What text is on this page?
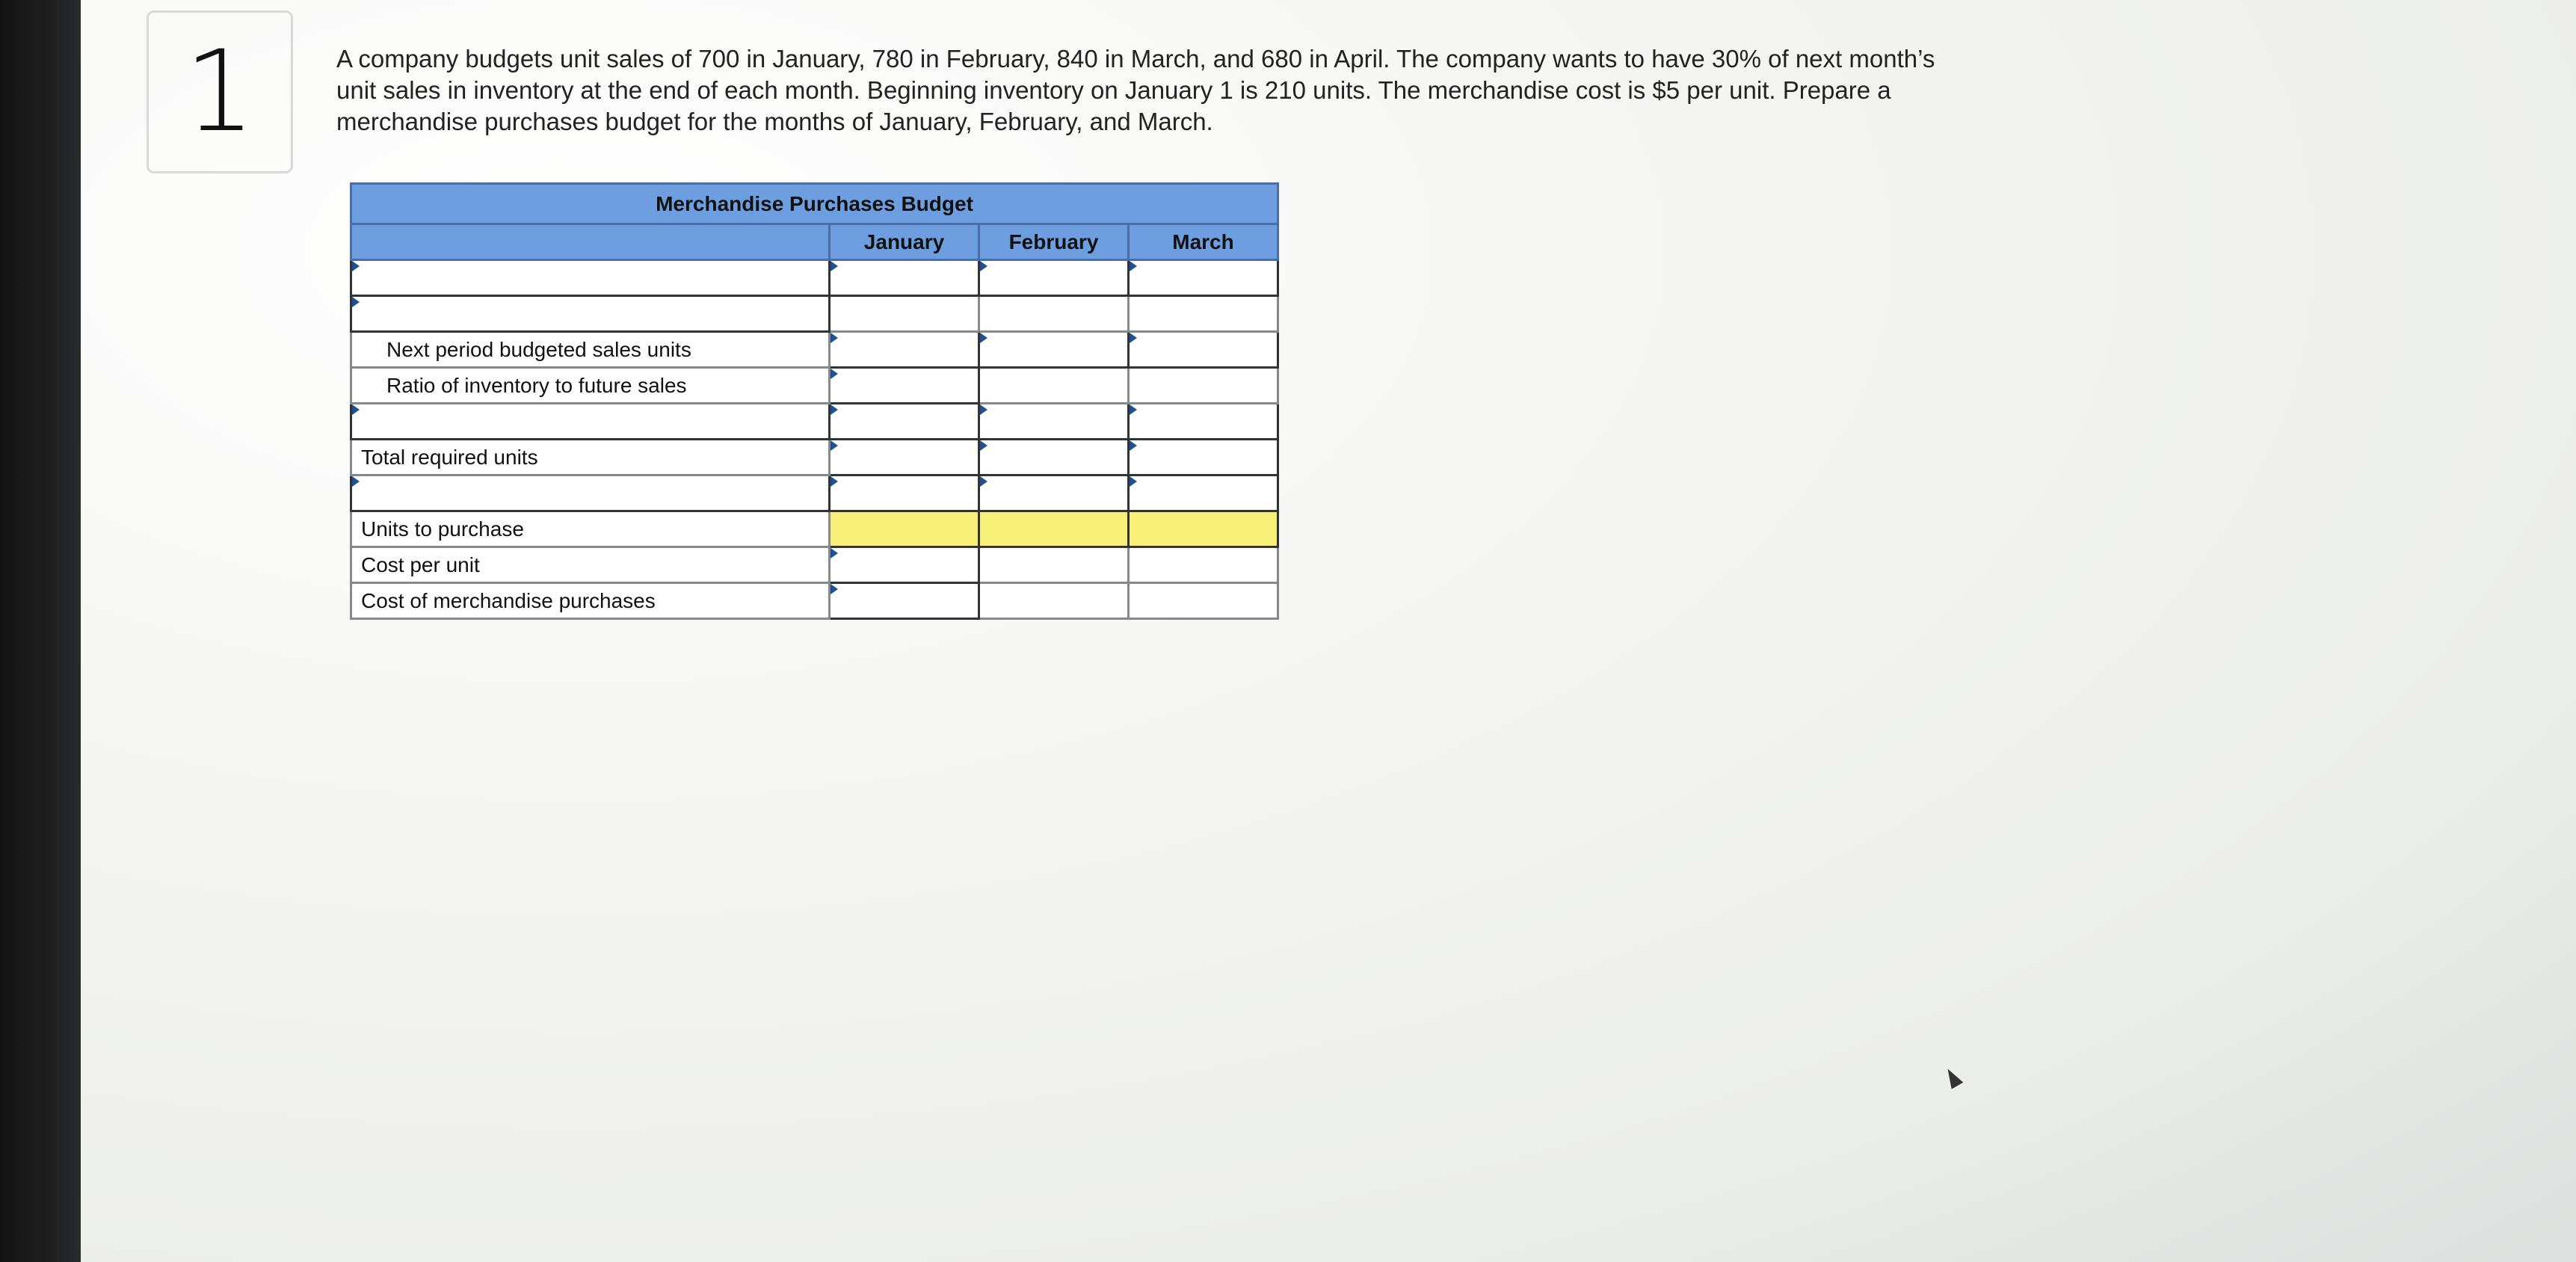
1	A company budgets unit sales of 700 in January, 780 in February, 840 in March, and 680 in April. The company wants to have 30% of next month’s unit sales in inventory at the end of each month. Beginning inventory on January 1 is 210 units. The merchandise cost is $5 per unit. Prepare a merchandise purchases budget for the months of January, February, and March.
Merchandise Purchases Budget			
	January	February	March

Next period budgeted sales units			
Ratio of inventory to future sales			

Total required units			

Units to purchase			
Cost per unit			
Cost of merchandise purchases			
